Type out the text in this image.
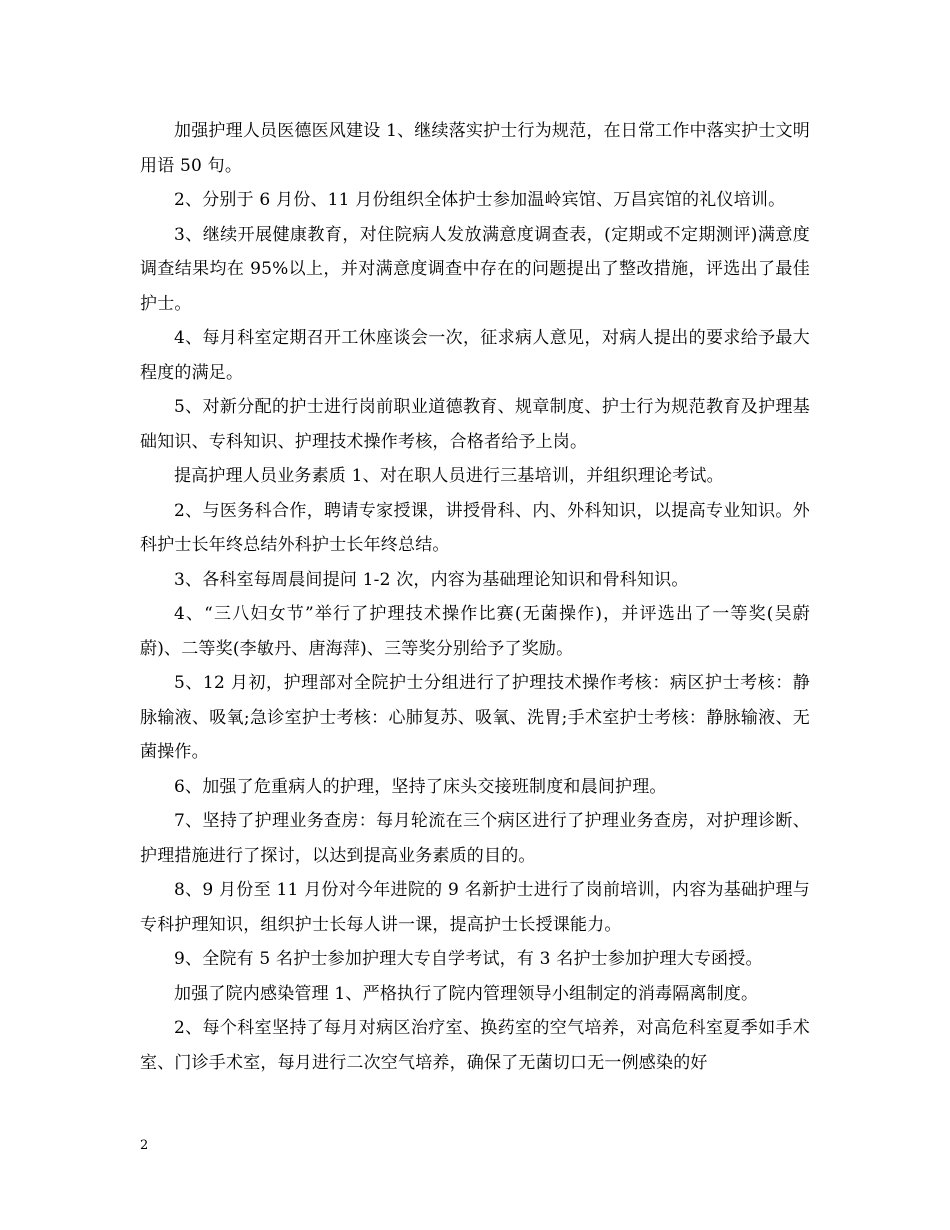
加强护理人员医德医风建设 1、继续落实护士行为规范，在日常工作中落实护士文明用语 50 句。

2、分别于 6 月份、11 月份组织全体护士参加温岭宾馆、万昌宾馆的礼仪培训。

3、继续开展健康教育，对住院病人发放满意度调查表，(定期或不定期测评)满意度调查结果均在 95%以上，并对满意度调查中存在的问题提出了整改措施，评选出了最佳护士。

4、每月科室定期召开工休座谈会一次，征求病人意见，对病人提出的要求给予最大程度的满足。

5、对新分配的护士进行岗前职业道德教育、规章制度、护士行为规范教育及护理基础知识、专科知识、护理技术操作考核，合格者给予上岗。

提高护理人员业务素质 1、对在职人员进行三基培训，并组织理论考试。

2、与医务科合作，聘请专家授课，讲授骨科、内、外科知识，以提高专业知识。外科护士长年终总结外科护士长年终总结。

3、各科室每周晨间提问 1-2 次，内容为基础理论知识和骨科知识。

4、“三八妇女节”举行了护理技术操作比赛(无菌操作)，并评选出了一等奖(吴蔚蔚)、二等奖(李敏丹、唐海萍)、三等奖分别给予了奖励。

5、12 月初，护理部对全院护士分组进行了护理技术操作考核：病区护士考核：静脉输液、吸氧;急诊室护士考核：心肺复苏、吸氧、洗胃;手术室护士考核：静脉输液、无菌操作。

6、加强了危重病人的护理，坚持了床头交接班制度和晨间护理。

7、坚持了护理业务查房：每月轮流在三个病区进行了护理业务查房，对护理诊断、护理措施进行了探讨，以达到提高业务素质的目的。

8、9 月份至 11 月份对今年进院的 9 名新护士进行了岗前培训，内容为基础护理与专科护理知识，组织护士长每人讲一课，提高护士长授课能力。

9、全院有 5 名护士参加护理大专自学考试，有 3 名护士参加护理大专函授。

加强了院内感染管理 1、严格执行了院内管理领导小组制定的消毒隔离制度。

2、每个科室坚持了每月对病区治疗室、换药室的空气培养，对高危科室夏季如手术室、门诊手术室，每月进行二次空气培养，确保了无菌切口无一例感染的好

2
